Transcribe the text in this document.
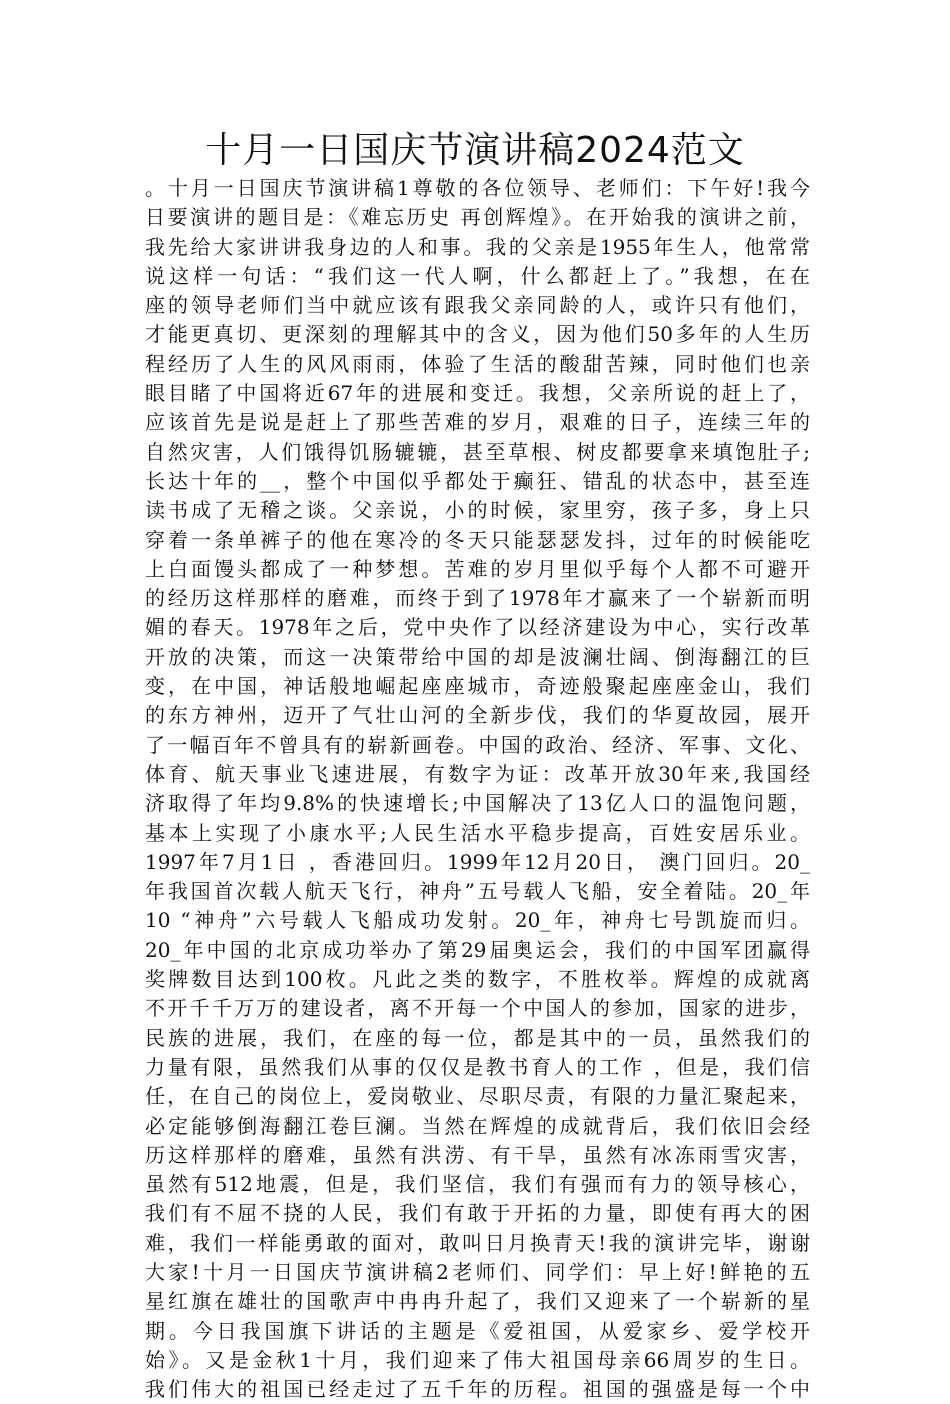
十月一日国庆节演讲稿2024范文
。十月一日国庆节演讲稿1尊敬的各位领导、老师们：下午好!我今
日要演讲的题目是：《难忘历史 再创辉煌》。在开始我的演讲之前，
我先给大家讲讲我身边的人和事。我的父亲是1955年生人，他常常
说这样一句话：“我们这一代人啊，什么都赶上了。”我想，在在
座的领导老师们当中就应该有跟我父亲同龄的人，或许只有他们，
才能更真切、更深刻的理解其中的含义，因为他们50多年的人生历
程经历了人生的风风雨雨，体验了生活的酸甜苦辣，同时他们也亲
眼目睹了中国将近67年的进展和变迁。我想，父亲所说的赶上了，
应该首先是说是赶上了那些苦难的岁月，艰难的日子，连续三年的
自然灾害，人们饿得饥肠辘辘，甚至草根、树皮都要拿来填饱肚子;
长达十年的__，整个中国似乎都处于癫狂、错乱的状态中，甚至连
读书成了无稽之谈。父亲说，小的时候，家里穷，孩子多，身上只
穿着一条单裤子的他在寒冷的冬天只能瑟瑟发抖，过年的时候能吃
上白面馒头都成了一种梦想。苦难的岁月里似乎每个人都不可避开
的经历这样那样的磨难，而终于到了1978年才赢来了一个崭新而明
媚的春天。1978年之后，党中央作了以经济建设为中心，实行改革
开放的决策，而这一决策带给中国的却是波澜壮阔、倒海翻江的巨
变，在中国，神话般地崛起座座城市，奇迹般聚起座座金山，我们
的东方神州，迈开了气壮山河的全新步伐，我们的华夏故园，展开
了一幅百年不曾具有的崭新画卷。中国的政治、经济、军事、文化、
体育、航天事业飞速进展，有数字为证：改革开放30年来,我国经
济取得了年均9.8%的快速增长;中国解决了13亿人口的温饱问题，
基本上实现了小康水平;人民生活水平稳步提高，百姓安居乐业。
1997年7月1日 ，香港回归。1999年12月20日， 澳门回归。20_
年我国首次载人航天飞行，神舟”五号载人飞船，安全着陆。20_年
10 “神舟”六号载人飞船成功发射。20_年，神舟七号凯旋而归。
20_年中国的北京成功举办了第29届奥运会，我们的中国军团赢得
奖牌数目达到100枚。凡此之类的数字，不胜枚举。辉煌的成就离
不开千千万万的建设者，离不开每一个中国人的参加，国家的进步，
民族的进展，我们，在座的每一位，都是其中的一员，虽然我们的
力量有限，虽然我们从事的仅仅是教书育人的工作 ，但是，我们信
任，在自己的岗位上，爱岗敬业、尽职尽责，有限的力量汇聚起来，
必定能够倒海翻江卷巨澜。当然在辉煌的成就背后，我们依旧会经
历这样那样的磨难，虽然有洪涝、有干旱，虽然有冰冻雨雪灾害，
虽然有512地震，但是，我们坚信，我们有强而有力的领导核心，
我们有不屈不挠的人民，我们有敢于开拓的力量，即使有再大的困
难，我们一样能勇敢的面对，敢叫日月换青天!我的演讲完毕，谢谢
大家!十月一日国庆节演讲稿2老师们、同学们：早上好!鲜艳的五
星红旗在雄壮的国歌声中冉冉升起了，我们又迎来了一个崭新的星
期。今日我国旗下讲话的主题是《爱祖国，从爱家乡、爱学校开
始》。又是金秋1十月，我们迎来了伟大祖国母亲66周岁的生日。
我们伟大的祖国已经走过了五千年的历程。祖国的强盛是每一个中
